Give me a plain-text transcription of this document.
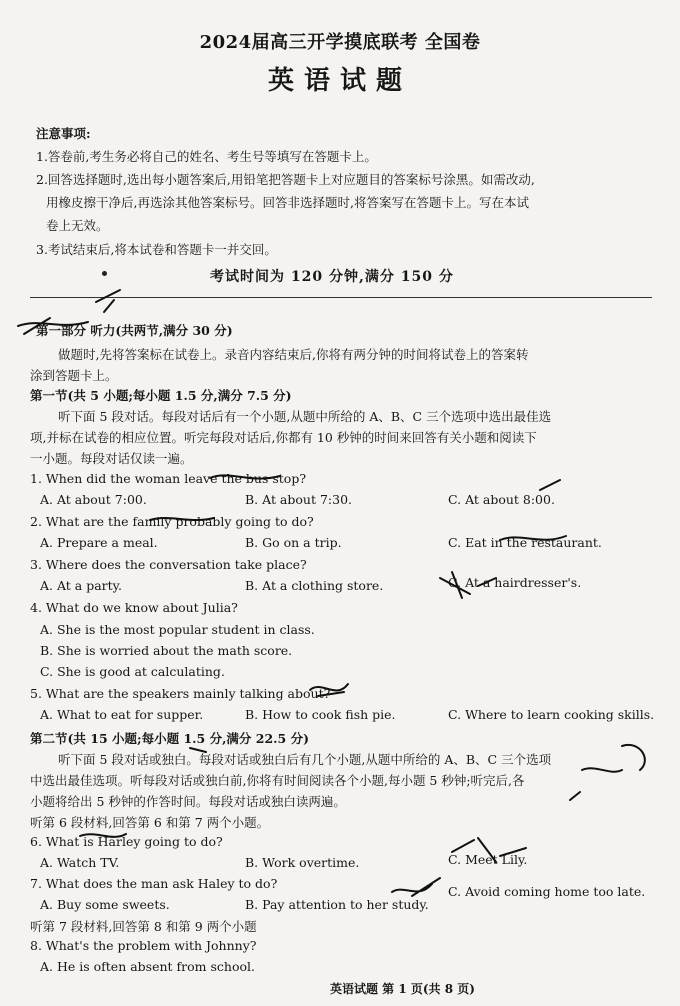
2024届高三开学摸底联考 全国卷
英语试题
注意事项:
1.答卷前,考生务必将自己的姓名、考生号等填写在答题卡上。
2.回答选择题时,选出每小题答案后,用铅笔把答题卡上对应题目的答案标号涂黑。如需改动,
用橡皮擦干净后,再选涂其他答案标号。回答非选择题时,将答案写在答题卡上。写在本试
卷上无效。
3.考试结束后,将本试卷和答题卡一并交回。
考试时间为 120 分钟,满分 150 分
第一部分 听力(共两节,满分 30 分)
做题时,先将答案标在试卷上。录音内容结束后,你将有两分钟的时间将试卷上的答案转
涂到答题卡上。
第一节(共 5 小题;每小题 1.5 分,满分 7.5 分)
听下面 5 段对话。每段对话后有一个小题,从题中所给的 A、B、C 三个选项中选出最佳选
项,并标在试卷的相应位置。听完每段对话后,你都有 10 秒钟的时间来回答有关小题和阅读下
一小题。每段对话仅读一遍。
1. When did the woman leave the bus stop?
A. At about 7:00.	B. At about 7:30.	C. At about 8:00.
2. What are the family probably going to do?
A. Prepare a meal.	B. Go on a trip.	C. Eat in the restaurant.
3. Where does the conversation take place?
A. At a party.	B. At a clothing store.	C. At a hairdresser's.
4. What do we know about Julia?
A. She is the most popular student in class.
B. She is worried about the math score.
C. She is good at calculating.
5. What are the speakers mainly talking about?
A. What to eat for supper.	B. How to cook fish pie.	C. Where to learn cooking skills.
第二节(共 15 小题;每小题 1.5 分,满分 22.5 分)
听下面 5 段对话或独白。每段对话或独白后有几个小题,从题中所给的 A、B、C 三个选项
中选出最佳选项。听每段对话或独白前,你将有时间阅读各个小题,每小题 5 秒钟;听完后,各
小题将给出 5 秒钟的作答时间。每段对话或独白读两遍。
听第 6 段材料,回答第 6 和第 7 两个小题。
6. What is Harley going to do?
A. Watch TV.	B. Work overtime.	C. Meet Lily.
7. What does the man ask Haley to do?
A. Buy some sweets.	B. Pay attention to her study.
C. Avoid coming home too late.
听第 7 段材料,回答第 8 和第 9 两个小题
8. What's the problem with Johnny?
A. He is often absent from school.
英语试题 第 1 页(共 8 页)
